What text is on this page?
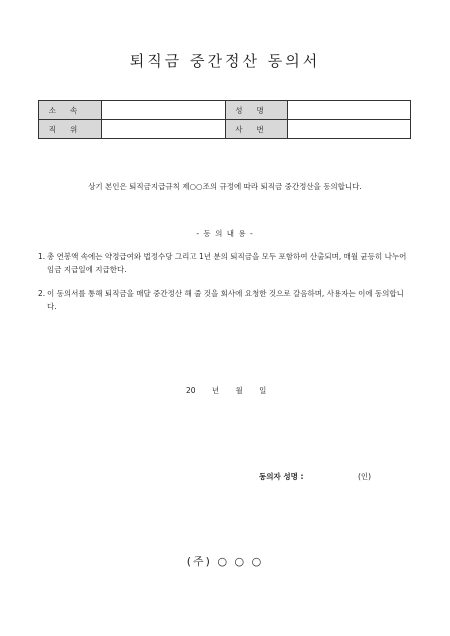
퇴직금 중간정산 동의서
소속		성명	
직위		사번	
상기 본인은 퇴직금지급규칙 제○○조의 규정에 따라 퇴직금 중간정산을 동의합니다.
- 동 의 내 용 -
1. 총 연봉액 속에는 약정급여와 법정수당 그리고 1년 분의 퇴직금을 모두 포함하여 산출되며, 매월 균등히 나누어 임금 지급일에 지급한다.
2. 이 동의서를 통해 퇴직금을 매달 중간정산 해 줄 것을 회사에 요청한 것으로 갈음하며, 사용자는 이에 동의합니다.
20 년 월 일
동의자 성명 :	(인)
(주) ○ ○ ○
